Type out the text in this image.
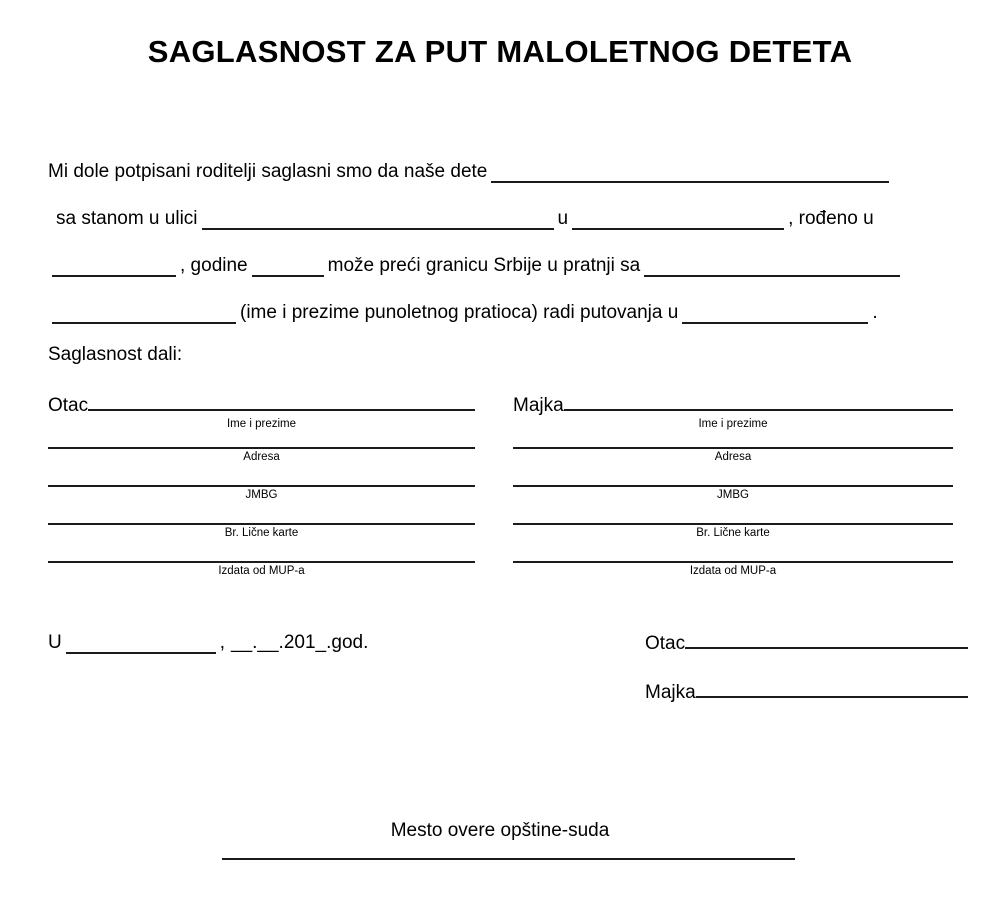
SAGLASNOST ZA PUT MALOLETNOG DETETA
Mi dole potpisani roditelji saglasni smo da naše dete
sa stanom u ulici	u	, rođeno u
, godine	može preći granicu Srbije u pratnji sa
(ime i prezime punoletnog pratioca) radi putovanja u	.
Saglasnost dali:
Otac
Ime i prezime
Adresa
JMBG
Br. Lične karte
Izdata od MUP-a
Majka
Ime i prezime
Adresa
JMBG
Br. Lične karte
Izdata od MUP-a
U	, __.__.201_.god.	Otac
Majka
Mesto overe opštine-suda
